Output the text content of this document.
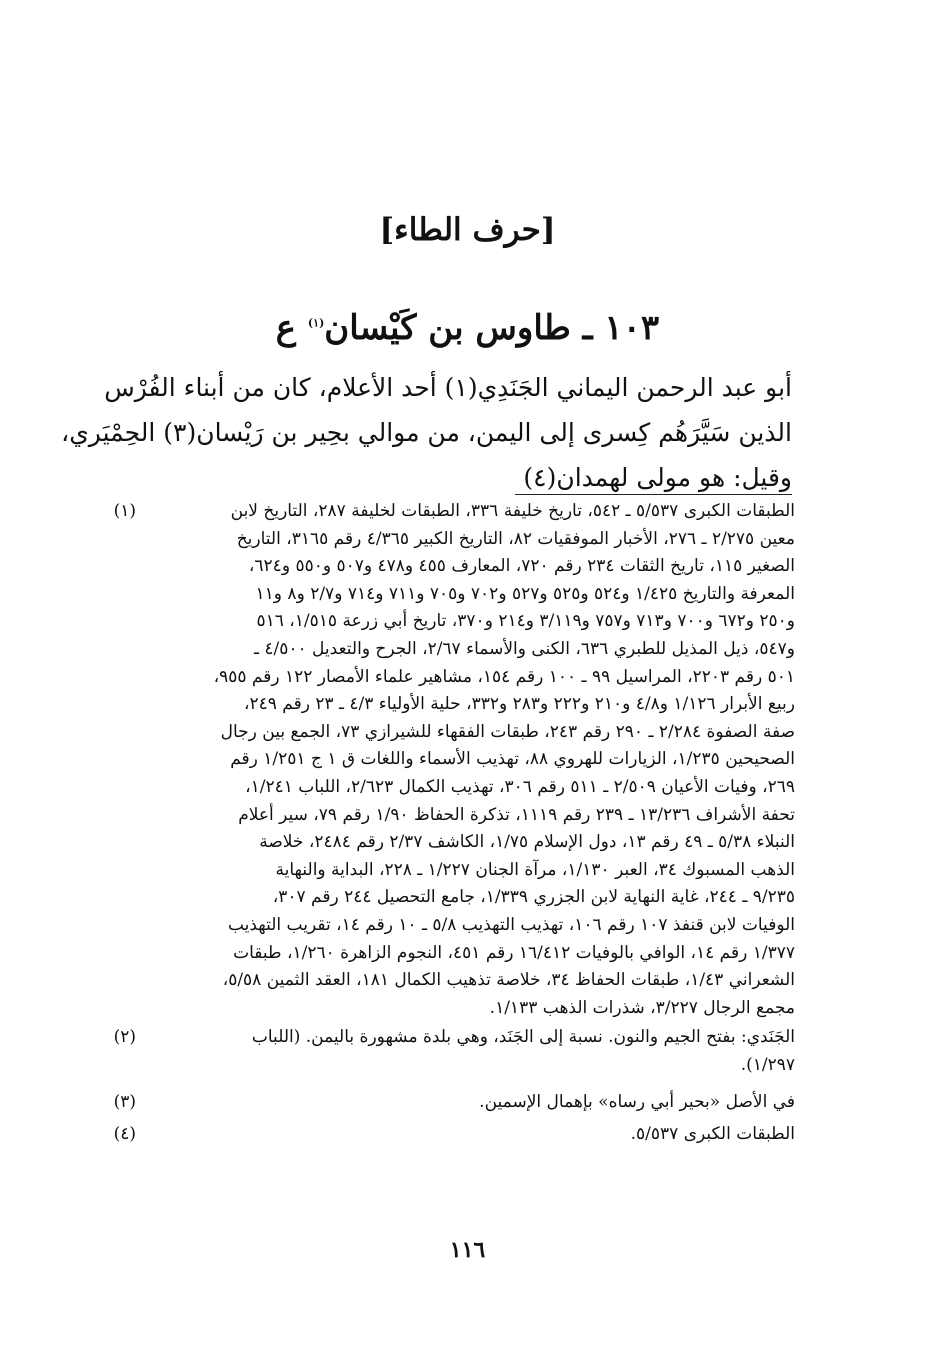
[حرف الطاء]
١٠٣ ـ طاوس بن كَيْسان$^{(١)}$ ع
أبو عبد الرحمن اليماني الجَنَدِي(١) أحد الأعلام، كان من أبناء الفُرْس
الذين سَيَّرَهُم كِسرى إلى اليمن، من موالي بحِير بن رَيْسان(٣) الحِمْيَري،
وقيل: هو مولى لهمدان(٤)
(١)	الطبقات الكبرى ٥/٥٣٧ ـ ٥٤٢، تاريخ خليفة ٣٣٦، الطبقات لخليفة ٢٨٧، التاريخ لابن
معين ٢/٢٧٥ ـ ٢٧٦، الأخبار الموفقيات ٨٢، التاريخ الكبير ٤/٣٦٥ رقم ٣١٦٥، التاريخ
الصغير ١١٥، تاريخ الثقات ٢٣٤ رقم ٧٢٠، المعارف ٤٥٥ و٤٧٨ و٥٠٧ و٥٥٠ و٦٢٤،
المعرفة والتاريخ ١/٤٢٥ و٥٢٤ و٥٢٥ و٥٢٧ و٧٠٢ و٧٠٥ و٧١١ و٧١٤ و٢/٧ و٨ و١١
و٢٥٠ و٦٧٢ و٧٠٠ و٧١٣ و٧٥٧ و٣/١١٩ و٢١٤ و٣٧٠، تاريخ أبي زرعة ١/٥١٥، ٥١٦
و٥٤٧، ذيل المذيل للطبري ٦٣٦، الكنى والأسماء ٢/٦٧، الجرح والتعديل ٤/٥٠٠ ـ
٥٠١ رقم ٢٢٠٣، المراسيل ٩٩ ـ ١٠٠ رقم ١٥٤، مشاهير علماء الأمصار ١٢٢ رقم ٩٥٥،
ربيع الأبرار ١/١٢٦ و٤/٨ و٢١٠ و٢٢٢ و٢٨٣ و٣٣٢، حلية الأولياء ٤/٣ ـ ٢٣ رقم ٢٤٩،
صفة الصفوة ٢/٢٨٤ ـ ٢٩٠ رقم ٢٤٣، طبقات الفقهاء للشيرازي ٧٣، الجمع بين رجال
الصحيحين ١/٢٣٥، الزيارات للهروي ٨٨، تهذيب الأسماء واللغات ق ١ ج ١/٢٥١ رقم
٢٦٩، وفيات الأعيان ٢/٥٠٩ ـ ٥١١ رقم ٣٠٦، تهذيب الكمال ٢/٦٢٣، اللباب ١/٢٤١،
تحفة الأشراف ١٣/٢٣٦ ـ ٢٣٩ رقم ١١١٩، تذكرة الحفاظ ١/٩٠ رقم ٧٩، سير أعلام
النبلاء ٥/٣٨ ـ ٤٩ رقم ١٣، دول الإسلام ١/٧٥، الكاشف ٢/٣٧ رقم ٢٤٨٤، خلاصة
الذهب المسبوك ٣٤، العبر ١/١٣٠، مرآة الجنان ١/٢٢٧ ـ ٢٢٨، البداية والنهاية
٩/٢٣٥ ـ ٢٤٤، غاية النهاية لابن الجزري ١/٣٣٩، جامع التحصيل ٢٤٤ رقم ٣٠٧،
الوفيات لابن قنفذ ١٠٧ رقم ١٠٦، تهذيب التهذيب ٥/٨ ـ ١٠ رقم ١٤، تقريب التهذيب
١/٣٧٧ رقم ١٤، الوافي بالوفيات ١٦/٤١٢ رقم ٤٥١، النجوم الزاهرة ١/٢٦٠، طبقات
الشعراني ١/٤٣، طبقات الحفاظ ٣٤، خلاصة تذهيب الكمال ١٨١، العقد الثمين ٥/٥٨،
مجمع الرجال ٣/٢٢٧، شذرات الذهب ١/١٣٣.
(٢)	الجَنَدي: بفتح الجيم والنون. نسبة إلى الجَنَد، وهي بلدة مشهورة باليمن. (اللباب
١/٢٩٧).
(٣)	في الأصل «بحير أبي رساه» بإهمال الإسمين.
(٤)	الطبقات الكبرى ٥/٥٣٧.
١١٦
